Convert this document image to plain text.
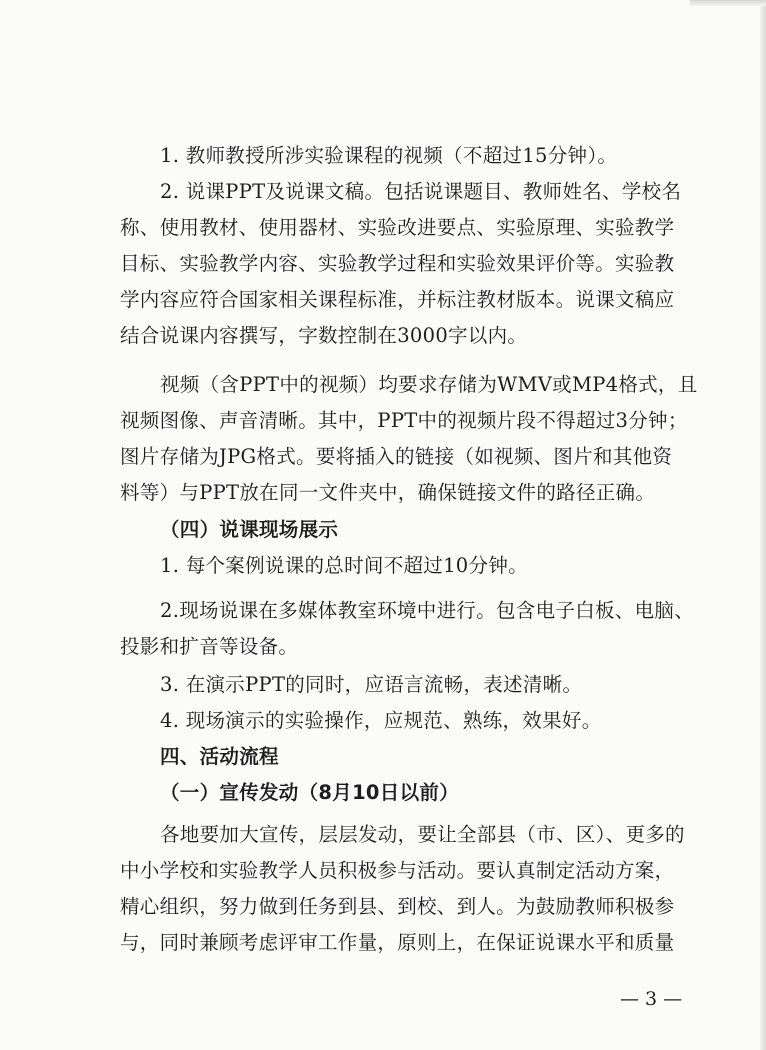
1. 教师教授所涉实验课程的视频（不超过15分钟）。
2. 说课PPT及说课文稿。包括说课题目、教师姓名、学校名
称、使用教材、使用器材、实验改进要点、实验原理、实验教学
目标、实验教学内容、实验教学过程和实验效果评价等。实验教
学内容应符合国家相关课程标准，并标注教材版本。说课文稿应
结合说课内容撰写，字数控制在3000字以内。
视频（含PPT中的视频）均要求存储为WMV或MP4格式，且
视频图像、声音清晰。其中，PPT中的视频片段不得超过3分钟；
图片存储为JPG格式。要将插入的链接（如视频、图片和其他资
料等）与PPT放在同一文件夹中，确保链接文件的路径正确。
（四）说课现场展示
1. 每个案例说课的总时间不超过10分钟。
2.现场说课在多媒体教室环境中进行。包含电子白板、电脑、
投影和扩音等设备。
3. 在演示PPT的同时，应语言流畅，表述清晰。
4. 现场演示的实验操作，应规范、熟练，效果好。
四、活动流程
（一）宣传发动（8月10日以前）
各地要加大宣传，层层发动，要让全部县（市、区）、更多的
中小学校和实验教学人员积极参与活动。要认真制定活动方案，
精心组织，努力做到任务到县、到校、到人。为鼓励教师积极参
与，同时兼顾考虑评审工作量，原则上，在保证说课水平和质量
— 3 —
